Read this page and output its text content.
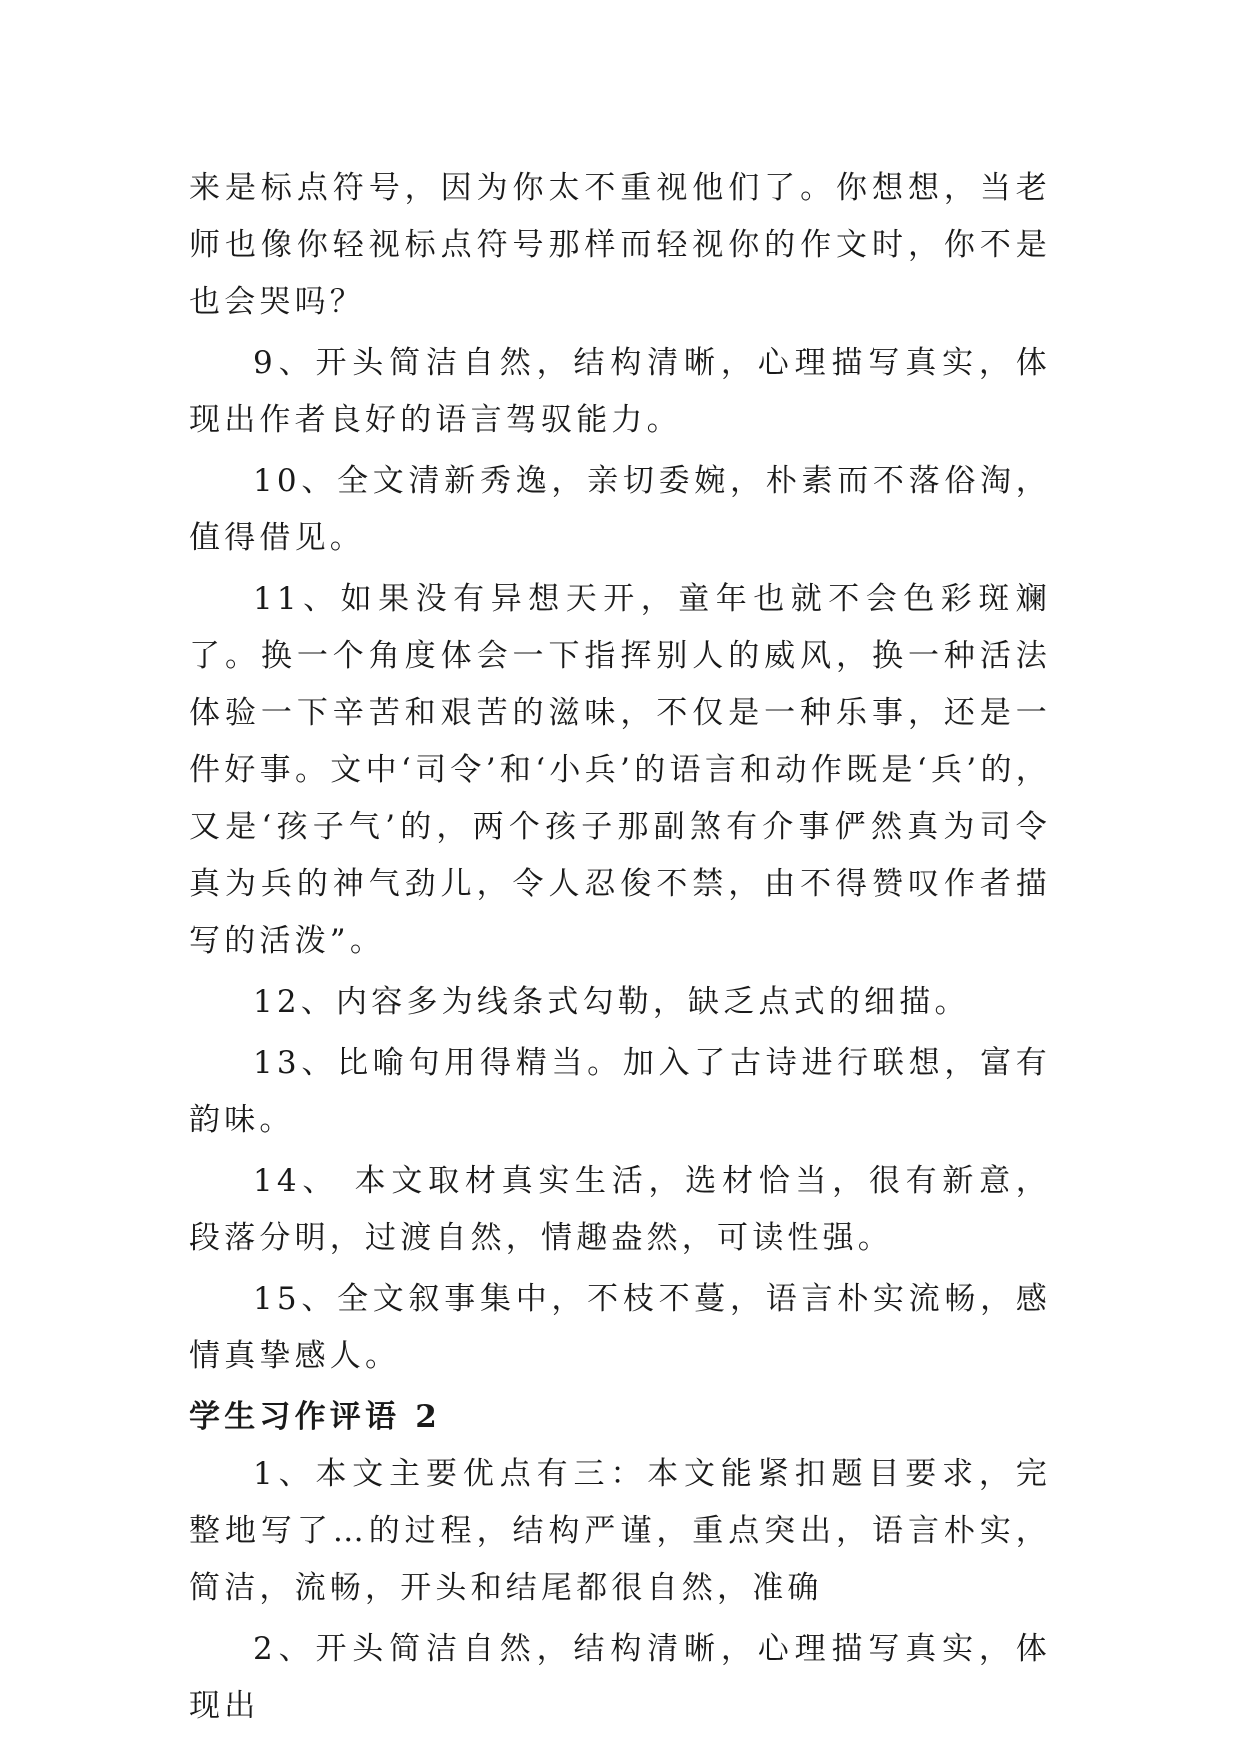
来是标点符号，因为你太不重视他们了。你想想，当老师也像你轻视标点符号那样而轻视你的作文时，你不是也会哭吗？

9、开头简洁自然，结构清晰，心理描写真实，体现出作者良好的语言驾驭能力。

10、全文清新秀逸，亲切委婉，朴素而不落俗淘，值得借见。

11、如果没有异想天开，童年也就不会色彩斑斓了。换一个角度体会一下指挥别人的威风，换一种活法体验一下辛苦和艰苦的滋味，不仅是一种乐事，还是一件好事。文中‘司令’和‘小兵’的语言和动作既是‘兵’的，又是‘孩子气’的，两个孩子那副煞有介事俨然真为司令真为兵的神气劲儿，令人忍俊不禁，由不得赞叹作者描写的活泼”。

12、内容多为线条式勾勒，缺乏点式的细描。

13、比喻句用得精当。加入了古诗进行联想，富有韵味。

14、 本文取材真实生活，选材恰当，很有新意，段落分明，过渡自然，情趣盎然，可读性强。

15、全文叙事集中，不枝不蔓，语言朴实流畅，感情真挚感人。

学生习作评语 2

1、本文主要优点有三：本文能紧扣题目要求，完整地写了…的过程，结构严谨，重点突出，语言朴实，简洁，流畅，开头和结尾都很自然，准确

2、开头简洁自然，结构清晰，心理描写真实，体现出
